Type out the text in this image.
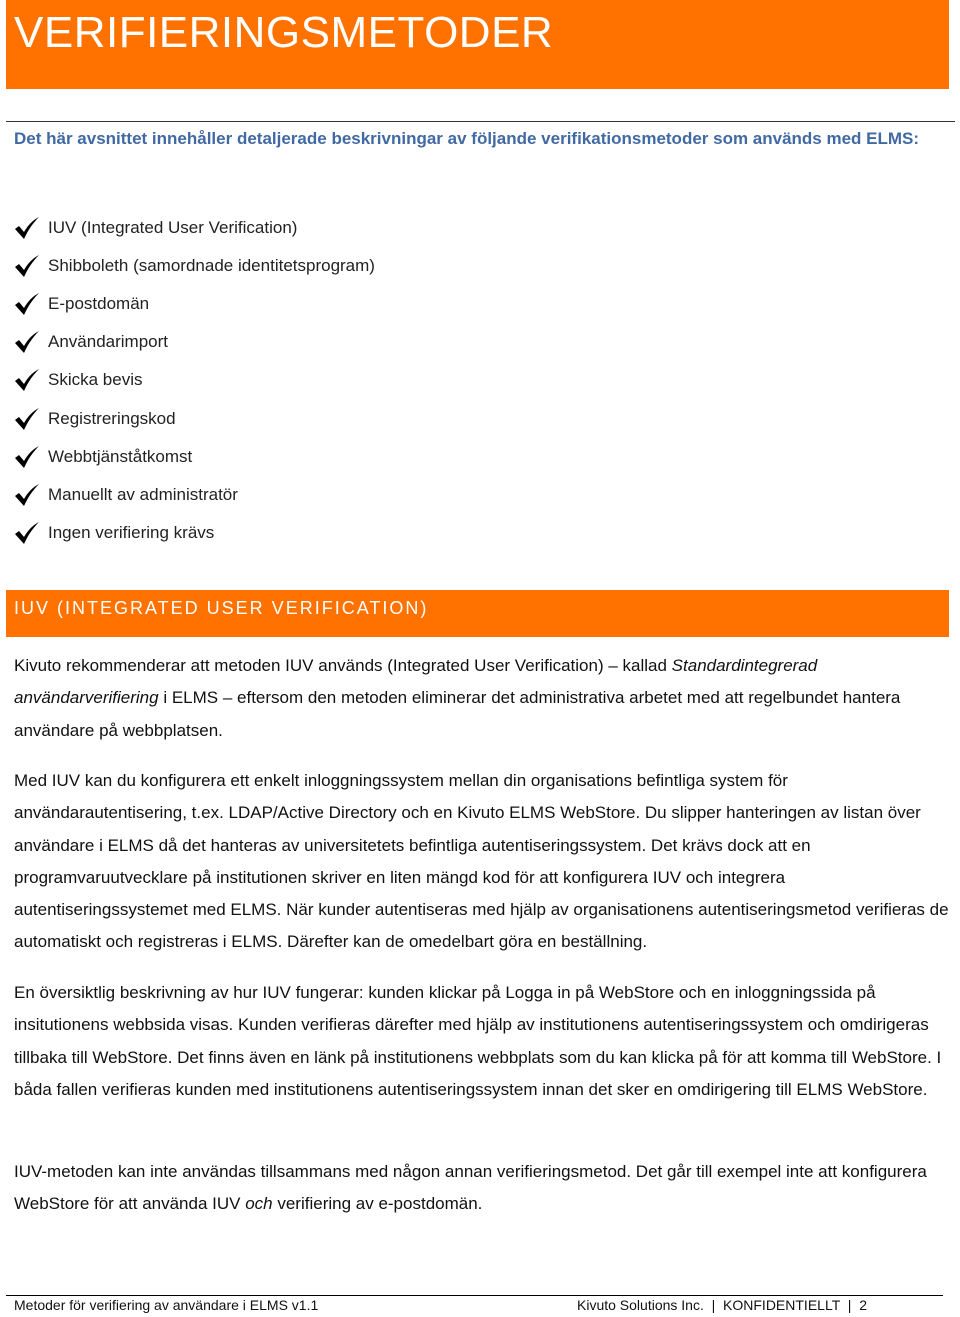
VERIFIERINGSMETODER
Det här avsnittet innehåller detaljerade beskrivningar av följande verifikationsmetoder som används med ELMS:
IUV (Integrated User Verification)
Shibboleth (samordnade identitetsprogram)
E-postdomän
Användarimport
Skicka bevis
Registreringskod
Webbtjänståtkomst
Manuellt av administratör
Ingen verifiering krävs
IUV (INTEGRATED USER VERIFICATION)

Kivuto rekommenderar att metoden IUV används (Integrated User Verification) – kallad Standardintegrerad användarverifiering i ELMS – eftersom den metoden eliminerar det administrativa arbetet med att regelbundet hantera användare på webbplatsen.

Med IUV kan du konfigurera ett enkelt inloggningssystem mellan din organisations befintliga system för användarautentisering, t.ex. LDAP/Active Directory och en Kivuto ELMS WebStore. Du slipper hanteringen av listan över användare i ELMS då det hanteras av universitetets befintliga autentiseringssystem. Det krävs dock att en programvaruutvecklare på institutionen skriver en liten mängd kod för att konfigurera IUV och integrera autentiseringssystemet med ELMS. När kunder autentiseras med hjälp av organisationens autentiseringsmetod verifieras de automatiskt och registreras i ELMS. Därefter kan de omedelbart göra en beställning.

En översiktlig beskrivning av hur IUV fungerar: kunden klickar på Logga in på WebStore och en inloggningssida på insitutionens webbsida visas. Kunden verifieras därefter med hjälp av institutionens autentiseringssystem och omdirigeras tillbaka till WebStore. Det finns även en länk på institutionens webbplats som du kan klicka på för att komma till WebStore. I båda fallen verifieras kunden med institutionens autentiseringssystem innan det sker en omdirigering till ELMS WebStore.

IUV-metoden kan inte användas tillsammans med någon annan verifieringsmetod. Det går till exempel inte att konfigurera WebStore för att använda IUV och verifiering av e-postdomän.

Metoder för verifiering av användare i ELMS v1.1	Kivuto Solutions Inc.  |  KONFIDENTIELLT  |  2
